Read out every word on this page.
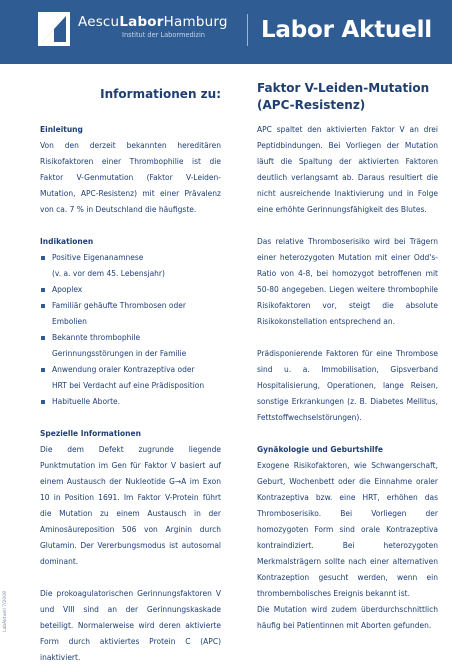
AescuLaborHamburg
Institut der Labormedizin Labor Aktuell
Informationen zu:	Faktor V-Leiden-Mutation
(APC-Resistenz)

Einleitung

Von den derzeit bekannten hereditären Risikofaktoren einer Thrombophilie ist die Faktor V-Genmutation (Faktor V-Leiden-Mutation, APC-Resistenz) mit einer Prävalenz von ca. 7 % in Deutschland die häufigste.

Indikationen

Positive Eigenanamnese
(v. a. vor dem 45. Lebensjahr)
Apoplex
Familiär gehäufte Thrombosen oder
Embolien
Bekannte thrombophile
Gerinnungsstörungen in der Familie
Anwendung oraler Kontrazeptiva oder
HRT bei Verdacht auf eine Prädisposition
Habituelle Aborte.

Spezielle Informationen

Die dem Defekt zugrunde liegende Punktmutation im Gen für Faktor V basiert auf einem Austausch der Nukleotide G→A im Exon 10 in Position 1691. Im Faktor V-Protein führt die Mutation zu einem Austausch in der Aminosäureposition 506 von Arginin durch Glutamin. Der Vererbungsmodus ist autosomal dominant.

Die prokoagulatorischen Gerinnungsfaktoren V und VIII sind an der Gerinnungskaskade beteiligt. Normalerweise wird deren aktivierte Form durch aktiviertes Protein C (APC) inaktiviert.

APC spaltet den aktivierten Faktor V an drei Peptidbindungen. Bei Vorliegen der Mutation läuft die Spaltung der aktivierten Faktoren deutlich verlangsamt ab. Daraus resultiert die nicht ausreichende Inaktivierung und in Folge eine erhöhte Gerinnungsfähigkeit des Blutes.

Das relative Thromboserisiko wird bei Trägern einer heterozygoten Mutation mit einer Odd's-Ratio von 4-8, bei homozygot betroffenen mit 50-80 angegeben. Liegen weitere thrombophile Risikofaktoren vor, steigt die absolute Risikokonstellation entsprechend an.

Prädisponierende Faktoren für eine Thrombose sind u. a. Immobilisation, Gipsverband Hospitalisierung, Operationen, lange Reisen, sonstige Erkrankungen (z. B. Diabetes Mellitus, Fettstoffwechselstörungen).

Gynäkologie und Geburtshilfe

Exogene Risikofaktoren, wie Schwangerschaft, Geburt, Wochenbett oder die Einnahme oraler Kontrazeptiva bzw. eine HRT, erhöhen das Thromboserisiko. Bei Vorliegen der homozygoten Form sind orale Kontrazeptiva kontraindiziert. Bei heterozygoten Merkmalsträgern sollte nach einer alternativen Kontrazeption gesucht werden, wenn ein thrombembolisches Ereignis bekannt ist.

Die Mutation wird zudem überdurchschnittlich häufig bei Patientinnen mit Aborten gefunden.

LabAktuell 7/2008
